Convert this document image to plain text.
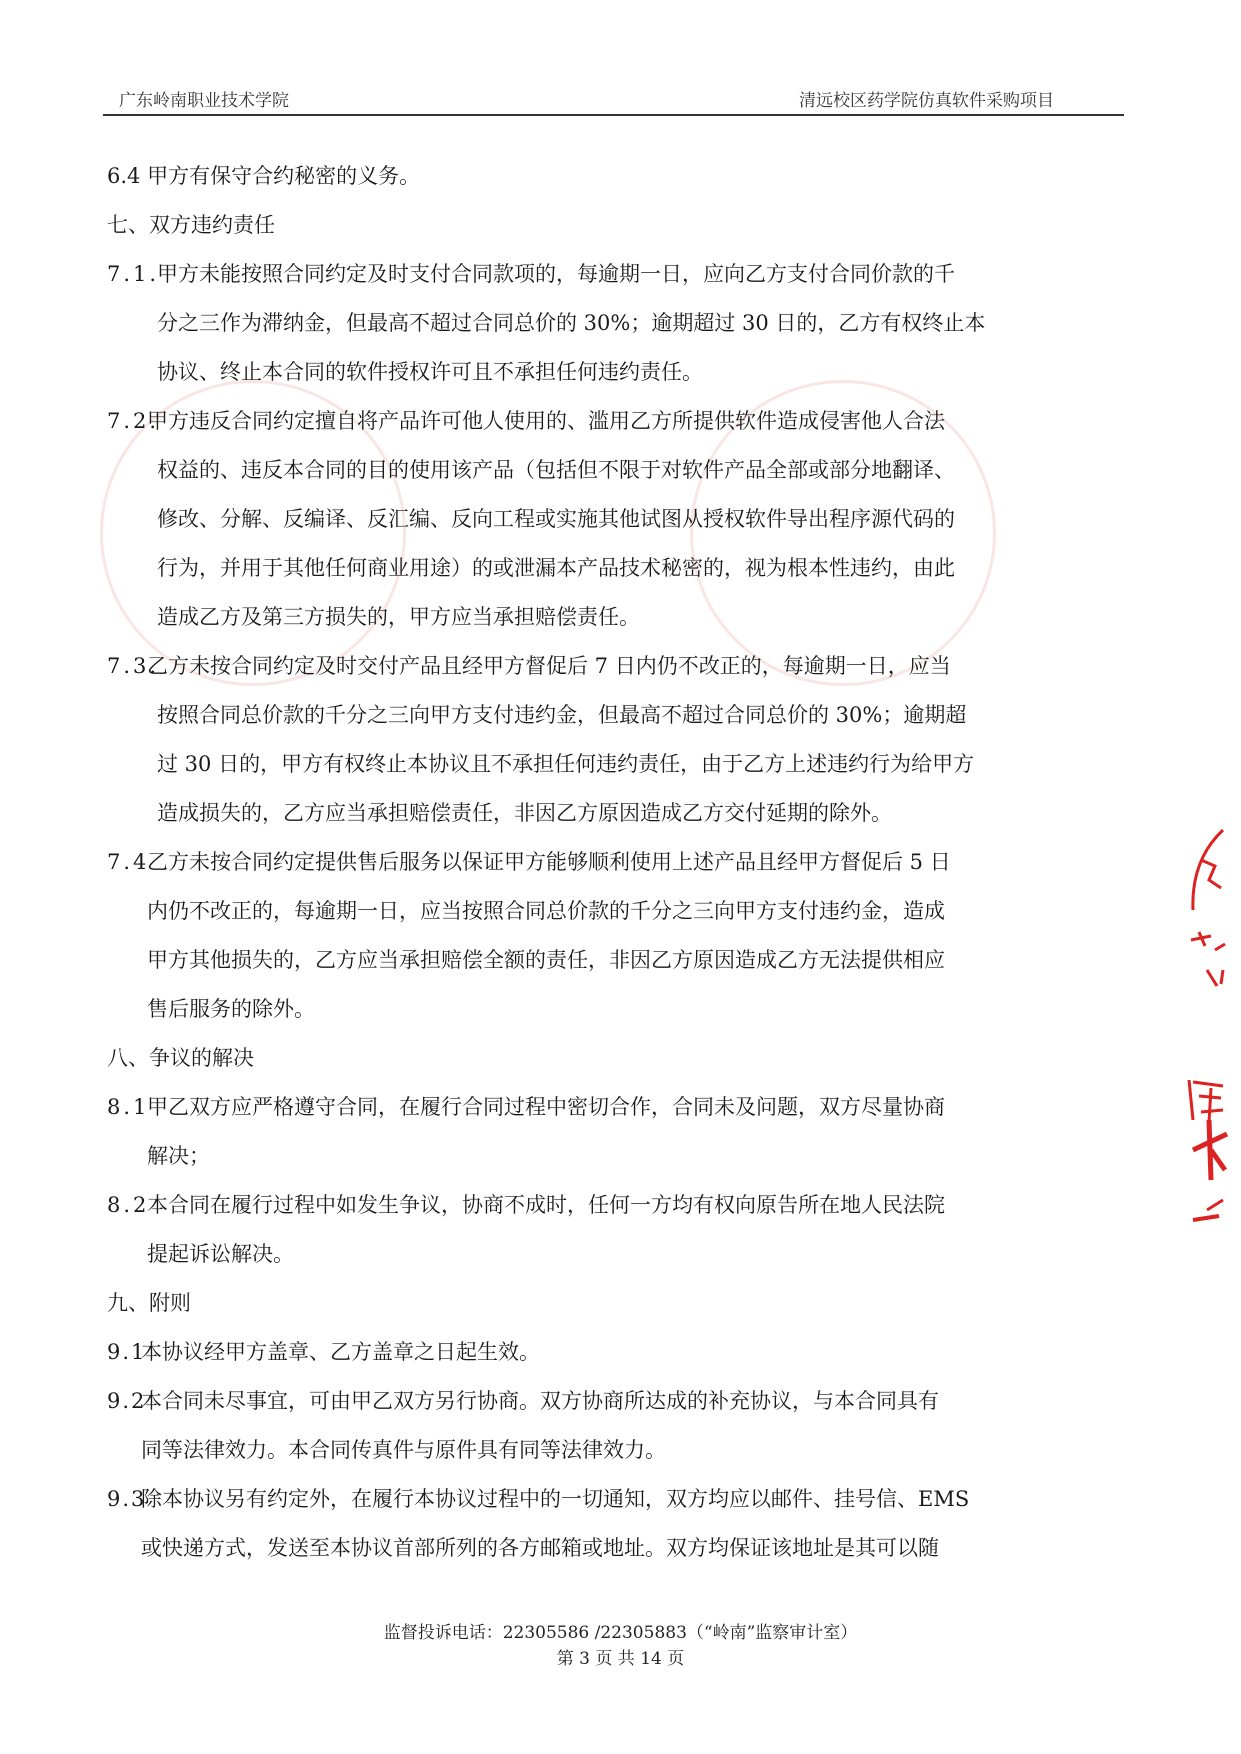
广东岭南职业技术学院	清远校区药学院仿真软件采购项目

6.4 甲方有保守合约秘密的义务。

七、双方违约责任

7.1.
甲方未能按照合同约定及时支付合同款项的，每逾期一日，应向乙方支付合同价款的千
分之三作为滞纳金，但最高不超过合同总价的 30%；逾期超过 30 日的，乙方有权终止本
协议、终止本合同的软件授权许可且不承担任何违约责任。
7.2.
甲方违反合同约定擅自将产品许可他人使用的、滥用乙方所提供软件造成侵害他人合法
权益的、违反本合同的目的使用该产品（包括但不限于对软件产品全部或部分地翻译、
修改、分解、反编译、反汇编、反向工程或实施其他试图从授权软件导出程序源代码的
行为，并用于其他任何商业用途）的或泄漏本产品技术秘密的，视为根本性违约，由此
造成乙方及第三方损失的，甲方应当承担赔偿责任。
7.3.
乙方未按合同约定及时交付产品且经甲方督促后 7 日内仍不改正的，每逾期一日，应当
按照合同总价款的千分之三向甲方支付违约金，但最高不超过合同总价的 30%；逾期超
过 30 日的，甲方有权终止本协议且不承担任何违约责任，由于乙方上述违约行为给甲方
造成损失的，乙方应当承担赔偿责任，非因乙方原因造成乙方交付延期的除外。
7.4
乙方未按合同约定提供售后服务以保证甲方能够顺利使用上述产品且经甲方督促后 5 日
内仍不改正的，每逾期一日，应当按照合同总价款的千分之三向甲方支付违约金，造成
甲方其他损失的，乙方应当承担赔偿全额的责任，非因乙方原因造成乙方无法提供相应
售后服务的除外。

八、争议的解决

8.1
甲乙双方应严格遵守合同，在履行合同过程中密切合作，合同未及问题，双方尽量协商
解决；
8.2
本合同在履行过程中如发生争议，协商不成时，任何一方均有权向原告所在地人民法院
提起诉讼解决。

九、附则

9.1
本协议经甲方盖章、乙方盖章之日起生效。
9.2
本合同未尽事宜，可由甲乙双方另行协商。双方协商所达成的补充协议，与本合同具有
同等法律效力。本合同传真件与原件具有同等法律效力。
9.3
除本协议另有约定外，在履行本协议过程中的一切通知，双方均应以邮件、挂号信、EMS
或快递方式，发送至本协议首部所列的各方邮箱或地址。双方均保证该地址是其可以随
监督投诉电话：22305586 /22305883（“岭南”监察审计室）
第 3 页 共 14 页
